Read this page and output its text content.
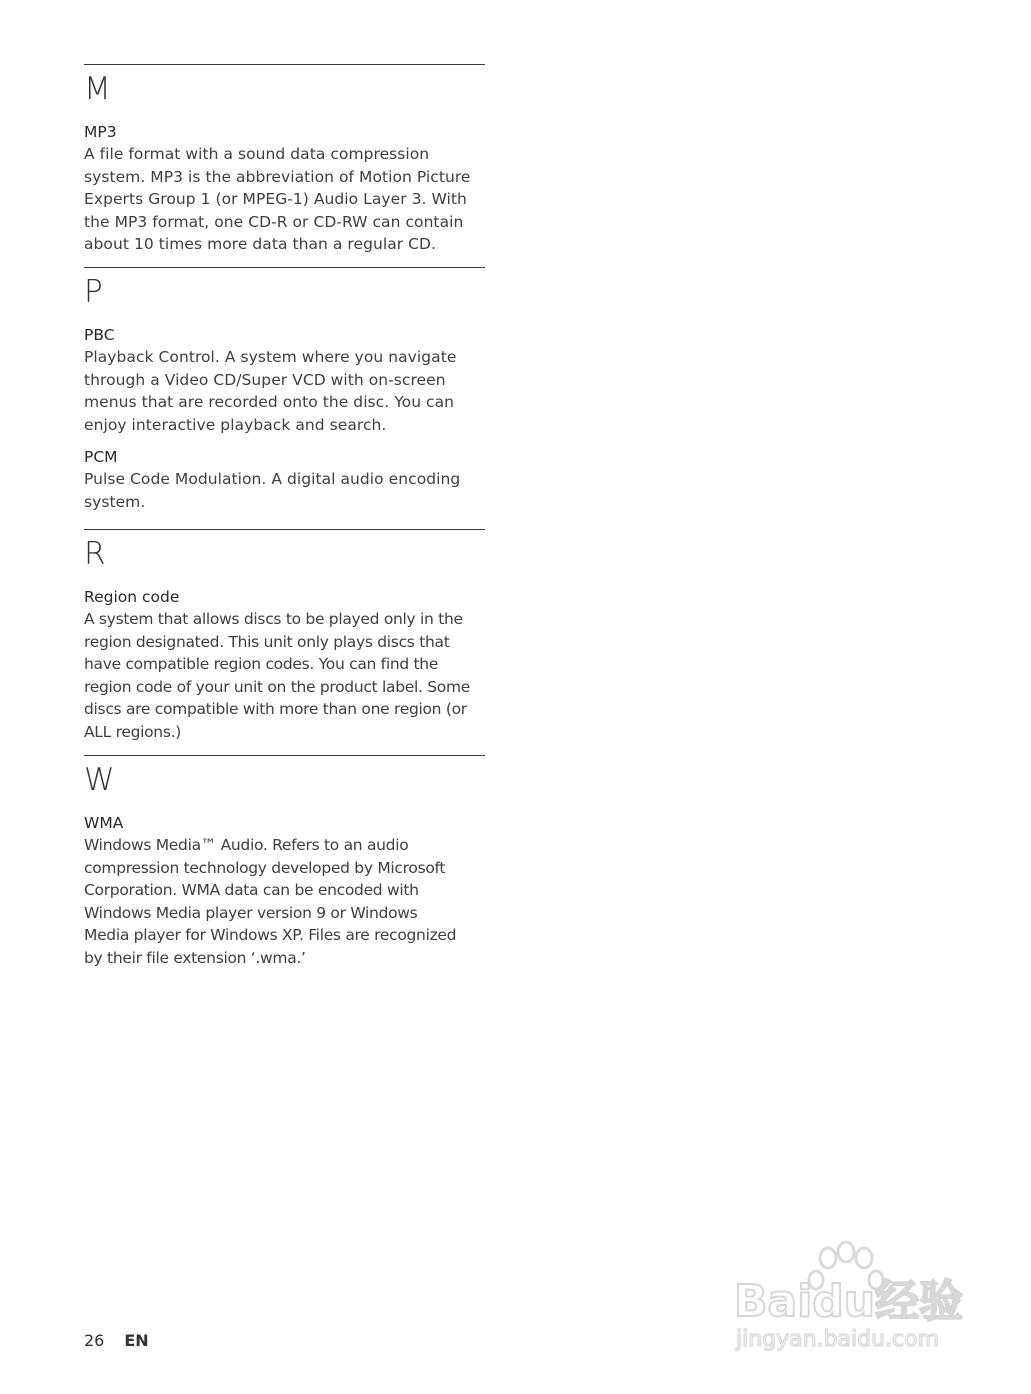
M
MP3
A file format with a sound data compression
system. MP3 is the abbreviation of Motion Picture
Experts Group 1 (or MPEG-1) Audio Layer 3. With
the MP3 format, one CD-R or CD-RW can contain
about 10 times more data than a regular CD.
P
PBC
Playback Control. A system where you navigate
through a Video CD/Super VCD with on-screen
menus that are recorded onto the disc. You can
enjoy interactive playback and search.
PCM
Pulse Code Modulation. A digital audio encoding
system.
R
Region code
A system that allows discs to be played only in the
region designated. This unit only plays discs that
have compatible region codes. You can find the
region code of your unit on the product label. Some
discs are compatible with more than one region (or
ALL regions.)
W
WMA
Windows Media™ Audio. Refers to an audio
compression technology developed by Microsoft
Corporation. WMA data can be encoded with
Windows Media player version 9 or Windows
Media player for Windows XP. Files are recognized
by their file extension ‘.wma.’
26 EN
Baidu经验
jingyan.baidu.com
